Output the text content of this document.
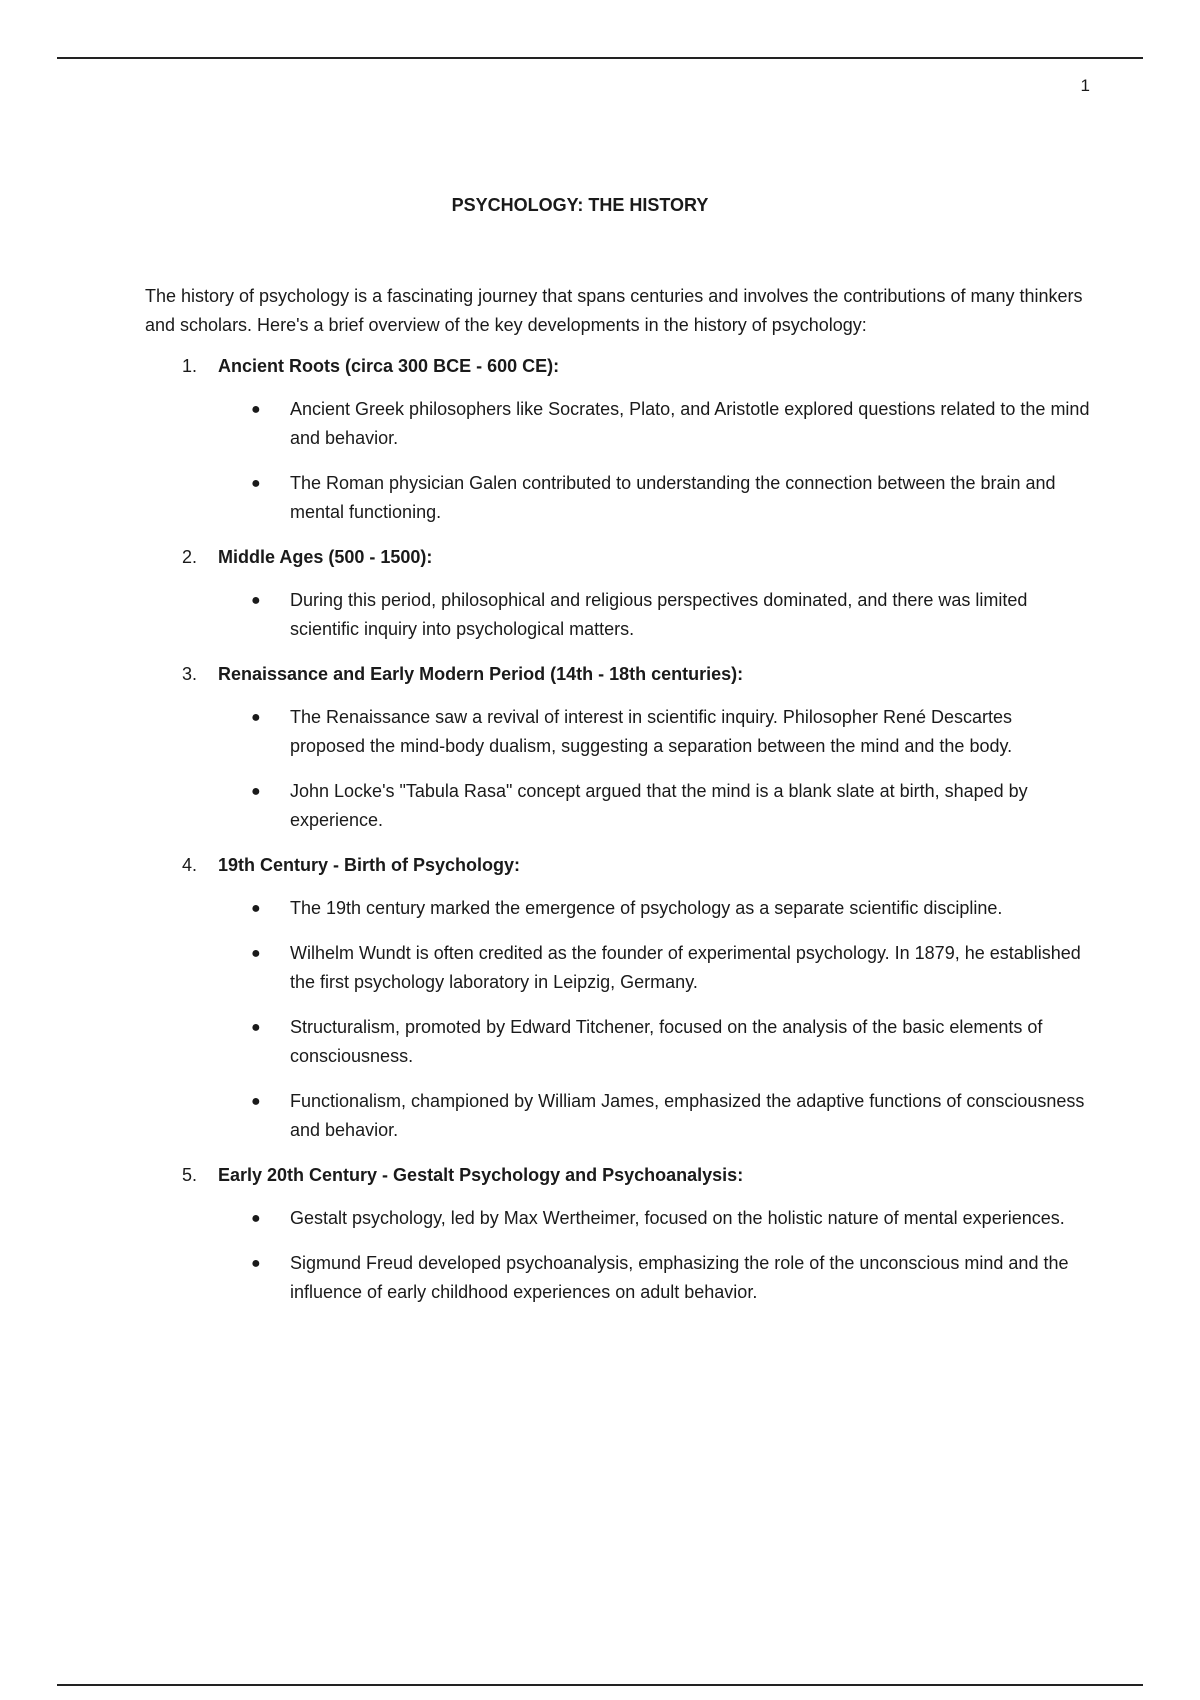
1
PSYCHOLOGY: THE HISTORY

The history of psychology is a fascinating journey that spans centuries and involves the contributions of many thinkers and scholars. Here's a brief overview of the key developments in the history of psychology:

1. Ancient Roots (circa 300 BCE - 600 CE):
● Ancient Greek philosophers like Socrates, Plato, and Aristotle explored questions related to the mind and behavior.
● The Roman physician Galen contributed to understanding the connection between the brain and mental functioning.
2. Middle Ages (500 - 1500):
● During this period, philosophical and religious perspectives dominated, and there was limited scientific inquiry into psychological matters.
3. Renaissance and Early Modern Period (14th - 18th centuries):
● The Renaissance saw a revival of interest in scientific inquiry. Philosopher René Descartes proposed the mind-body dualism, suggesting a separation between the mind and the body.
● John Locke's "Tabula Rasa" concept argued that the mind is a blank slate at birth, shaped by experience.
4. 19th Century - Birth of Psychology:
● The 19th century marked the emergence of psychology as a separate scientific discipline.
● Wilhelm Wundt is often credited as the founder of experimental psychology. In 1879, he established the first psychology laboratory in Leipzig, Germany.
● Structuralism, promoted by Edward Titchener, focused on the analysis of the basic elements of consciousness.
● Functionalism, championed by William James, emphasized the adaptive functions of consciousness and behavior.
5. Early 20th Century - Gestalt Psychology and Psychoanalysis:
● Gestalt psychology, led by Max Wertheimer, focused on the holistic nature of mental experiences.
● Sigmund Freud developed psychoanalysis, emphasizing the role of the unconscious mind and the influence of early childhood experiences on adult behavior.
